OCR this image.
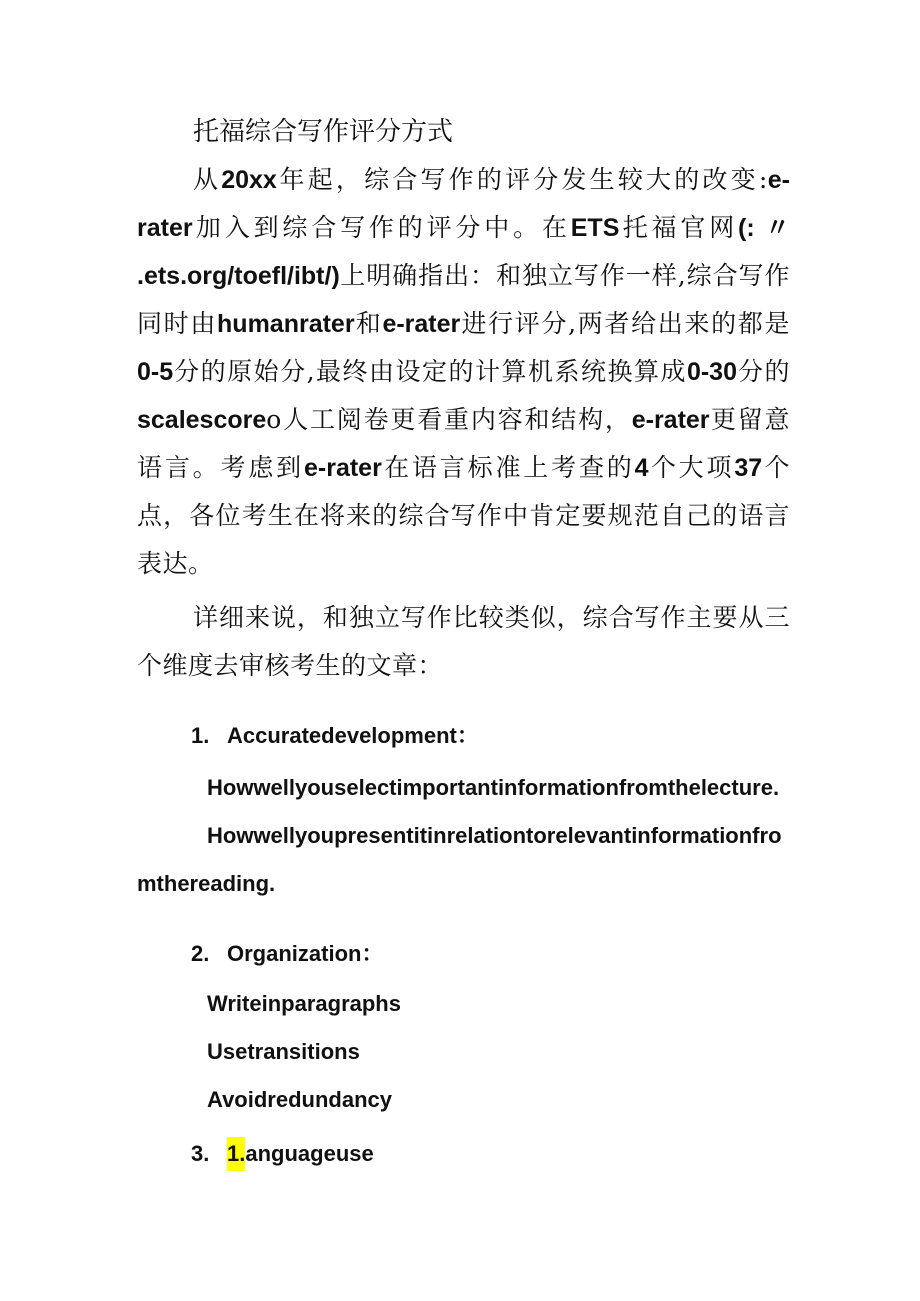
托福综合写作评分方式

从20xx年起，综合写作的评分发生较大的改变:e-rater加入到综合写作的评分中。在ETS托福官网(: 〃 .ets.org/toefl/ibt/)上明确指出：和独立写作一样,综合写作同时由humanrater和e-rater进行评分,两者给出来的都是0-5分的原始分,最终由设定的计算机系统换算成0-30分的scalescoreo人工阅卷更看重内容和结构，e-rater更留意语言。考虑到e-rater在语言标准上考查的4个大项37个点，各位考生在将来的综合写作中肯定要规范自己的语言表达。

详细来说，和独立写作比较类似，综合写作主要从三个维度去审核考生的文章：

1. Accuratedevelopment：
Howwellyouselectimportantinformationfromthelecture.
Howwellyoupresentitinrelationtorelevantinformationfromthereading.
2. Organization：
Writeinparagraphs
Usetransitions
Avoidredundancy
3. 1.anguageuse
